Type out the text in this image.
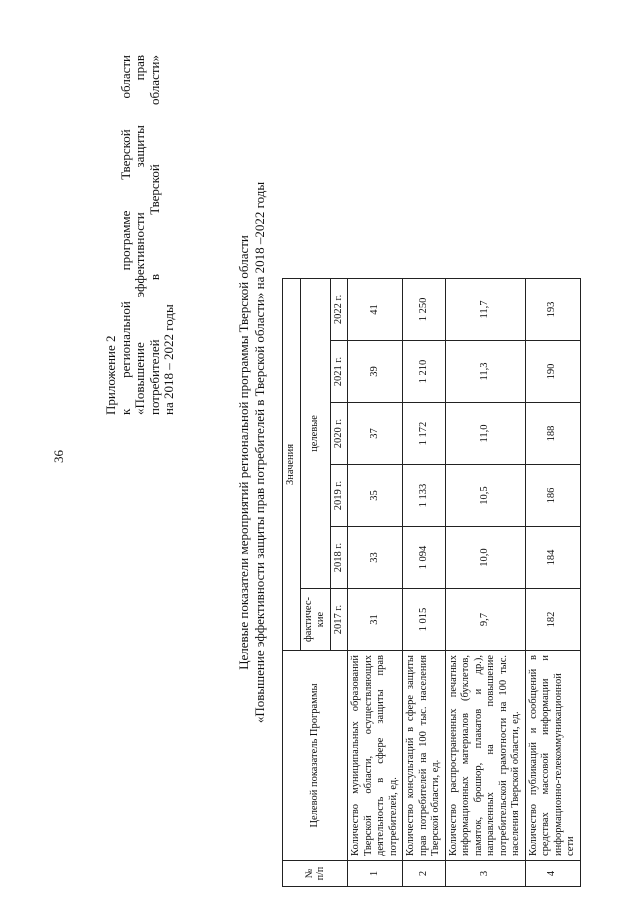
36
Приложение 2 к региональной программе Тверской области «Повышение эффективности защиты прав потребителей в Тверской области» на 2018 – 2022 годы	Целевые показатели мероприятий региональной программы Тверской области «Повышение эффективности защиты прав потребителей в Тверской области» на 2018 –2022 годы
№ п/п	Целевой показатель Программы	Значения					
		фактичес-кие	целевые				
		2017 г.	2018 г.	2019 г.	2020 г.	2021 г.	2022 г.
1	Количество муниципальных образований Тверской области, осуществляющих деятельность в сфере защиты прав потребителей, ед.	31	33	35	37	39	41
2	Количество консультаций в сфере защиты прав потребителей на 100 тыс. населения Тверской области, ед.	1 015	1 094	1 133	1 172	1 210	1 250
3	Количество распространенных печатных информационных материалов (буклетов, памяток, брошюр, плакатов и др.), направленных на повышение потребительской грамотности на 100 тыс. населения Тверской области, ед.	9,7	10,0	10,5	11,0	11,3	11,7
4	Количество публикаций и сообщений в средствах массовой информации и информационно-телекоммуникационной сети	182	184	186	188	190	193
